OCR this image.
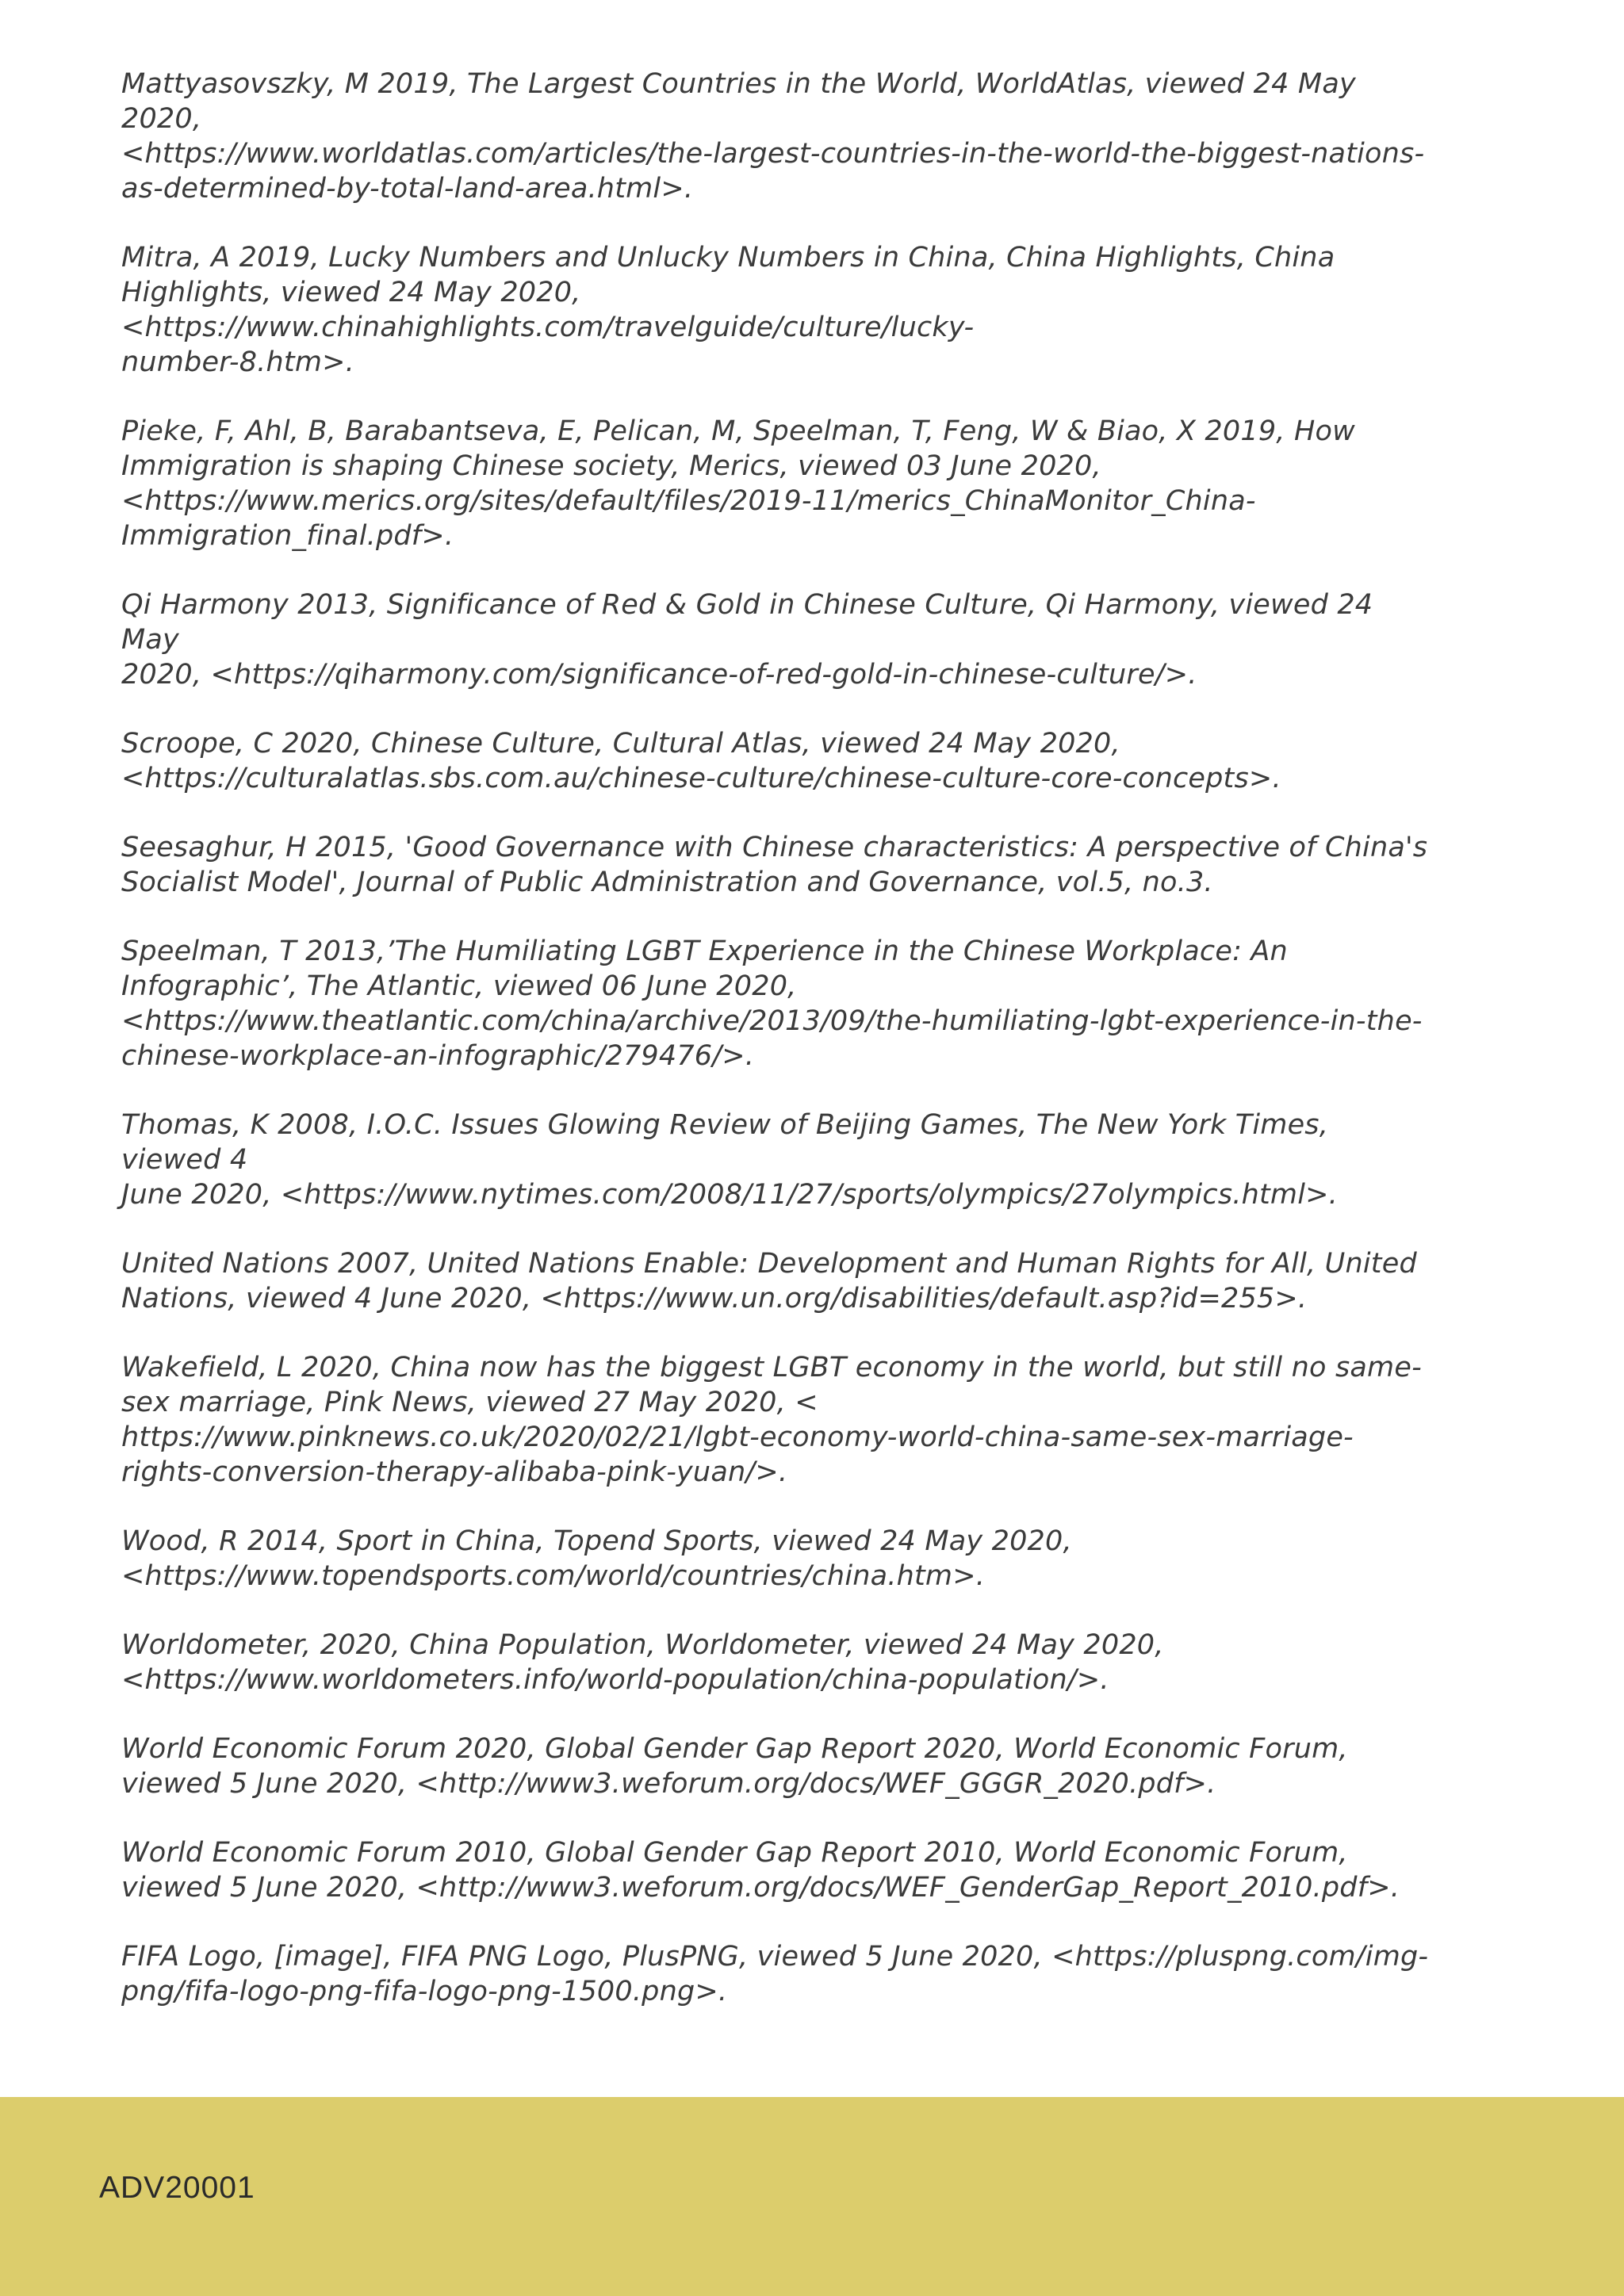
Mattyasovszky, M 2019, The Largest Countries in the World, WorldAtlas, viewed 24 May 2020,
<https://www.worldatlas.com/articles/the-largest-countries-in-the-world-the-biggest-nations-
as-determined-by-total-land-area.html>.
Mitra, A 2019, Lucky Numbers and Unlucky Numbers in China, China Highlights, China
Highlights, viewed 24 May 2020, <https://www.chinahighlights.com/travelguide/culture/lucky-
number-8.htm>.
Pieke, F, Ahl, B, Barabantseva, E, Pelican, M, Speelman, T, Feng, W & Biao, X 2019, How
Immigration is shaping Chinese society, Merics, viewed 03 June 2020,
<https://www.merics.org/sites/default/files/2019-11/merics_ChinaMonitor_China-
Immigration_final.pdf>.
Qi Harmony 2013, Significance of Red & Gold in Chinese Culture, Qi Harmony, viewed 24 May
2020, <https://qiharmony.com/significance-of-red-gold-in-chinese-culture/>.
Scroope, C 2020, Chinese Culture, Cultural Atlas, viewed 24 May 2020,
<https://culturalatlas.sbs.com.au/chinese-culture/chinese-culture-core-concepts>.
Seesaghur, H 2015, 'Good Governance with Chinese characteristics: A perspective of China's
Socialist Model', Journal of Public Administration and Governance, vol.5, no.3.
Speelman, T 2013,’The Humiliating LGBT Experience in the Chinese Workplace: An
Infographic’, The Atlantic, viewed 06 June 2020,
<https://www.theatlantic.com/china/archive/2013/09/the-humiliating-lgbt-experience-in-the-
chinese-workplace-an-infographic/279476/>.
Thomas, K 2008, I.O.C. Issues Glowing Review of Beijing Games, The New York Times, viewed 4
June 2020, <https://www.nytimes.com/2008/11/27/sports/olympics/27olympics.html>.
United Nations 2007, United Nations Enable: Development and Human Rights for All, United
Nations, viewed 4 June 2020, <https://www.un.org/disabilities/default.asp?id=255>.
Wakefield, L 2020, China now has the biggest LGBT economy in the world, but still no same-
sex marriage, Pink News, viewed 27 May 2020, <
https://www.pinknews.co.uk/2020/02/21/lgbt-economy-world-china-same-sex-marriage-
rights-conversion-therapy-alibaba-pink-yuan/>.
Wood, R 2014, Sport in China, Topend Sports, viewed 24 May 2020,
<https://www.topendsports.com/world/countries/china.htm>.
Worldometer, 2020, China Population, Worldometer, viewed 24 May 2020,
<https://www.worldometers.info/world-population/china-population/>.
World Economic Forum 2020, Global Gender Gap Report 2020, World Economic Forum,
viewed 5 June 2020, <http://www3.weforum.org/docs/WEF_GGGR_2020.pdf>.
World Economic Forum 2010, Global Gender Gap Report 2010, World Economic Forum,
viewed 5 June 2020, <http://www3.weforum.org/docs/WEF_GenderGap_Report_2010.pdf>.
FIFA Logo, [image], FIFA PNG Logo, PlusPNG, viewed 5 June 2020, <https://pluspng.com/img-
png/fifa-logo-png-fifa-logo-png-1500.png>.
ADV20001
